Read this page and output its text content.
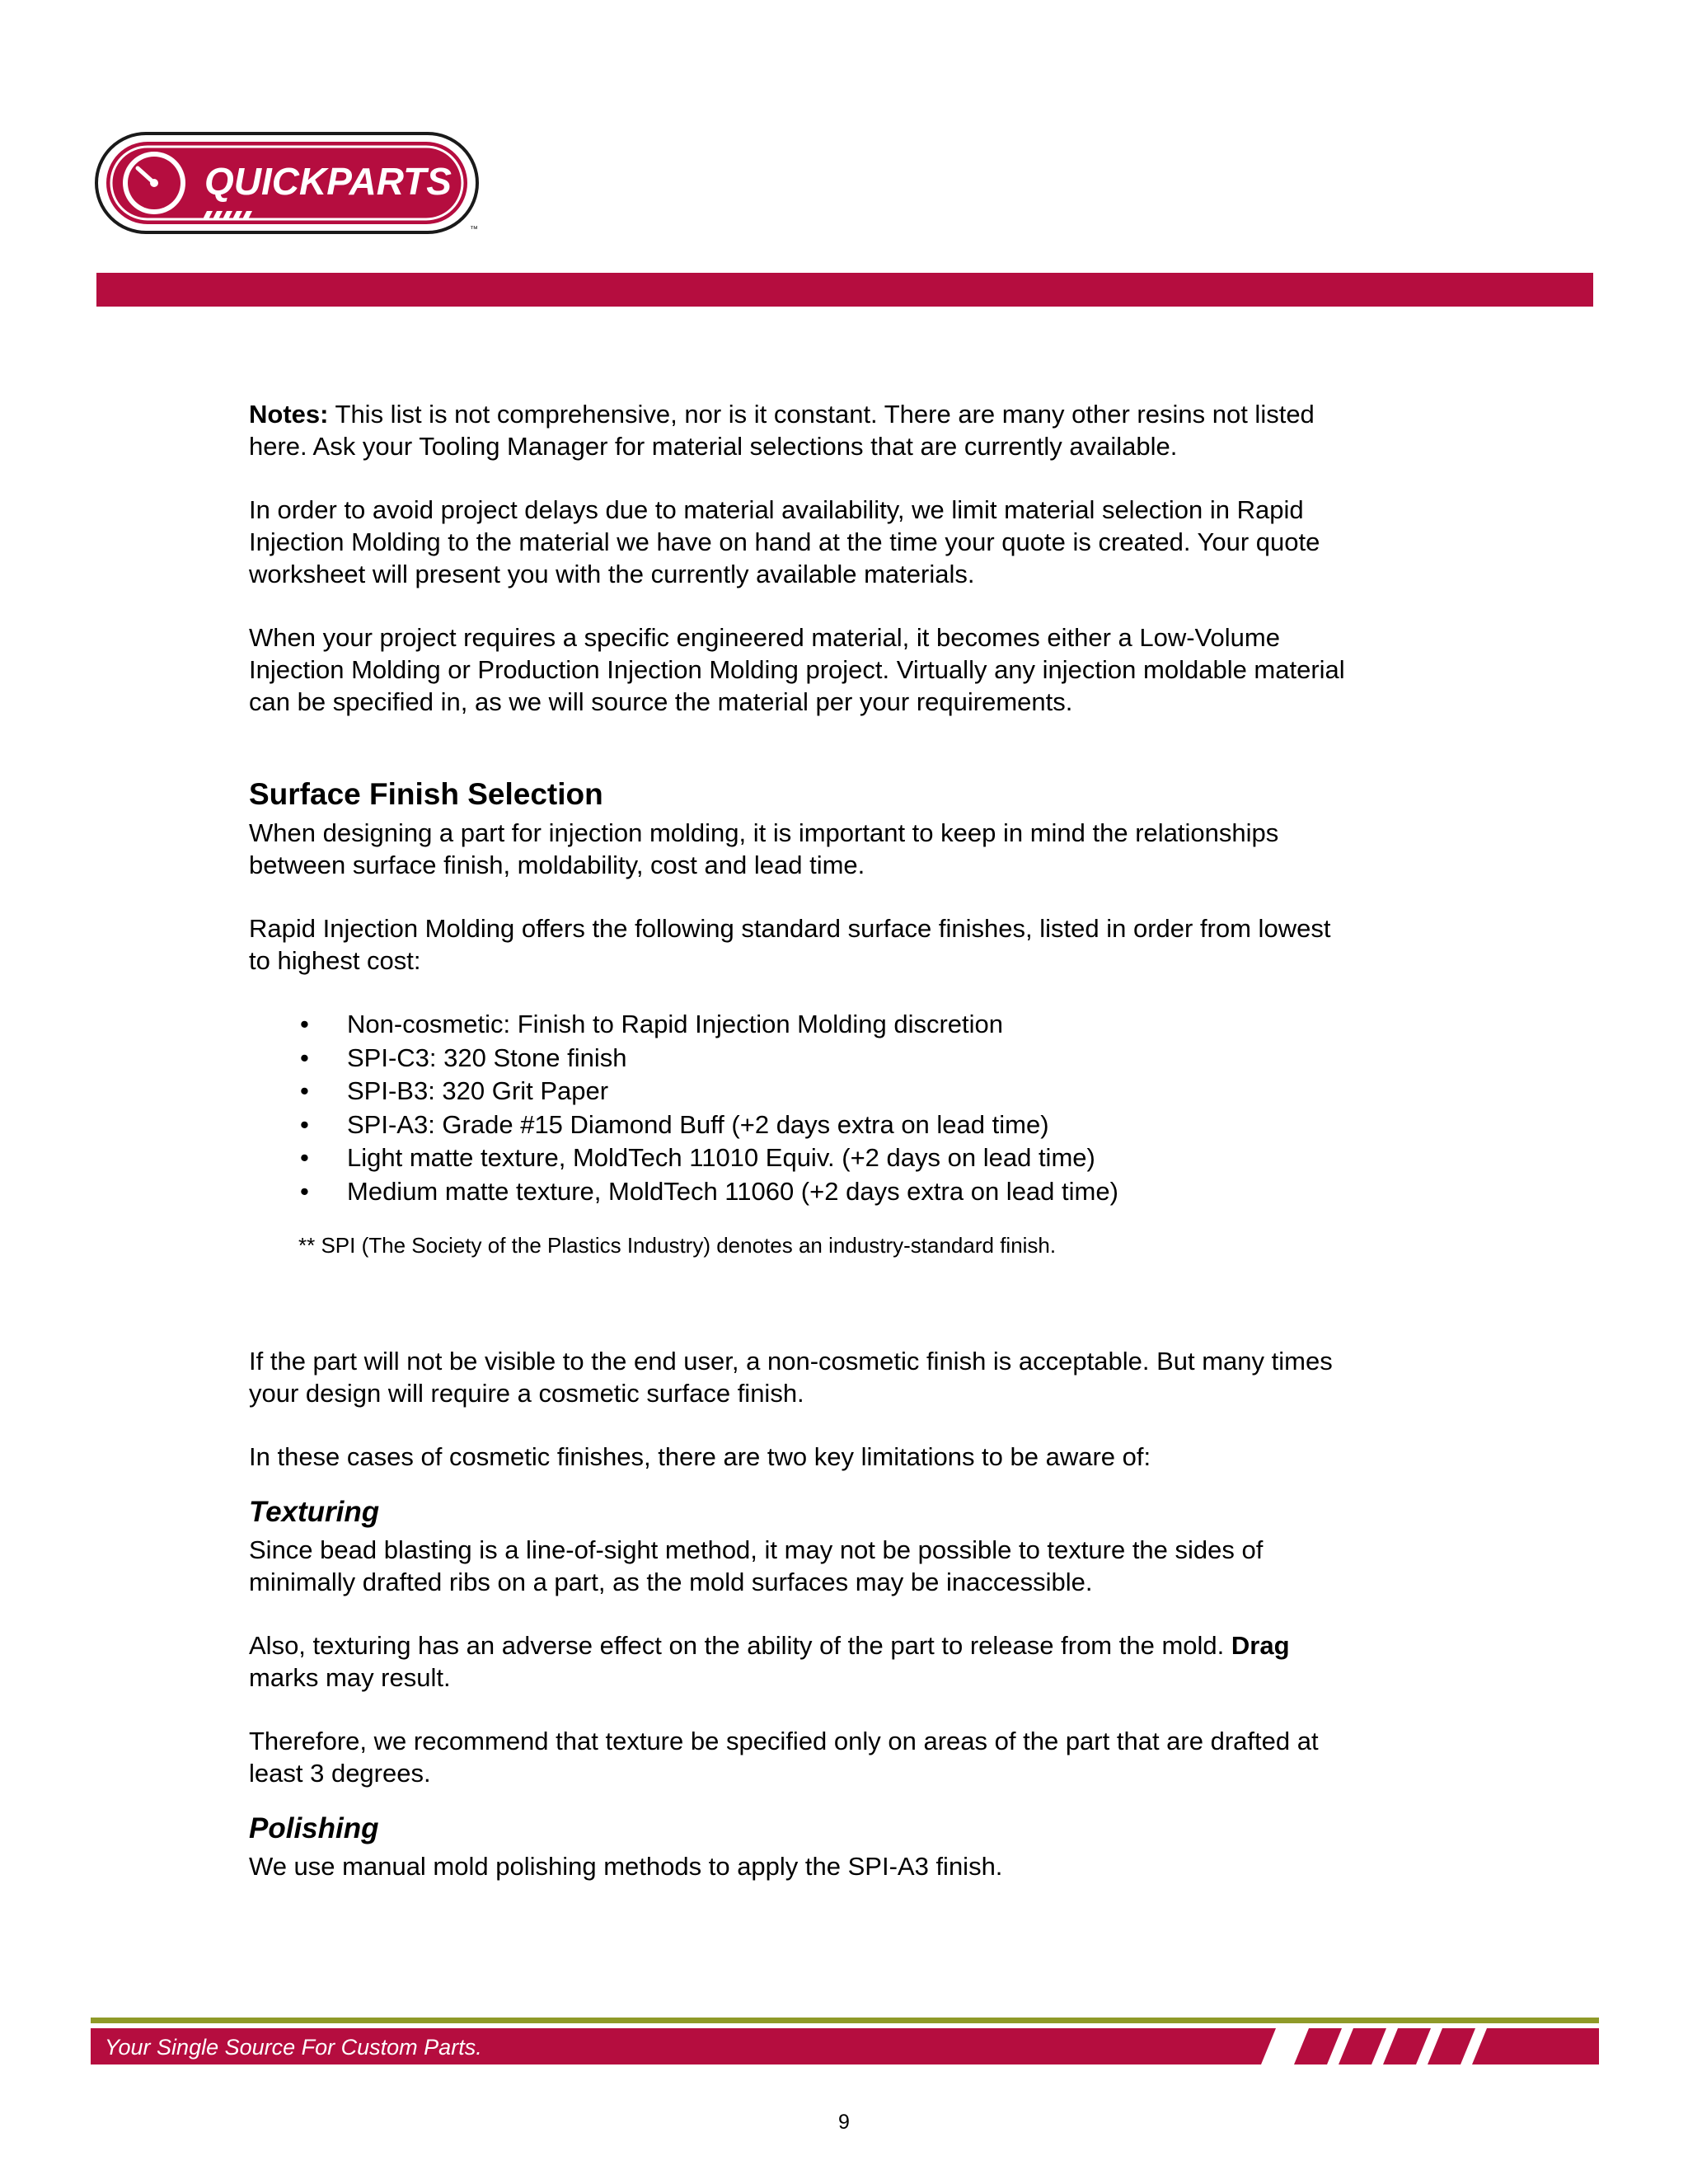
QUICKPARTS
™

Notes: This list is not comprehensive, nor is it constant. There are many other resins not listed
here. Ask your Tooling Manager for material selections that are currently available.

In order to avoid project delays due to material availability, we limit material selection in Rapid
Injection Molding to the material we have on hand at the time your quote is created. Your quote
worksheet will present you with the currently available materials.

When your project requires a specific engineered material, it becomes either a Low-Volume
Injection Molding or Production Injection Molding project. Virtually any injection moldable material
can be specified in, as we will source the material per your requirements.

Surface Finish Selection

When designing a part for injection molding, it is important to keep in mind the relationships
between surface finish, moldability, cost and lead time.

Rapid Injection Molding offers the following standard surface finishes, listed in order from lowest
to highest cost:

• Non-cosmetic: Finish to Rapid Injection Molding discretion
• SPI-C3: 320 Stone finish
• SPI-B3: 320 Grit Paper
• SPI-A3: Grade #15 Diamond Buff (+2 days extra on lead time)
• Light matte texture, MoldTech 11010 Equiv. (+2 days on lead time)
• Medium matte texture, MoldTech 11060 (+2 days extra on lead time)

** SPI (The Society of the Plastics Industry) denotes an industry-standard finish.

If the part will not be visible to the end user, a non-cosmetic finish is acceptable. But many times
your design will require a cosmetic surface finish.

In these cases of cosmetic finishes, there are two key limitations to be aware of:

Texturing

Since bead blasting is a line-of-sight method, it may not be possible to texture the sides of
minimally drafted ribs on a part, as the mold surfaces may be inaccessible.

Also, texturing has an adverse effect on the ability of the part to release from the mold. Drag
marks may result.

Therefore, we recommend that texture be specified only on areas of the part that are drafted at
least 3 degrees.

Polishing

We use manual mold polishing methods to apply the SPI-A3 finish.

Your Single Source For Custom Parts.
9
